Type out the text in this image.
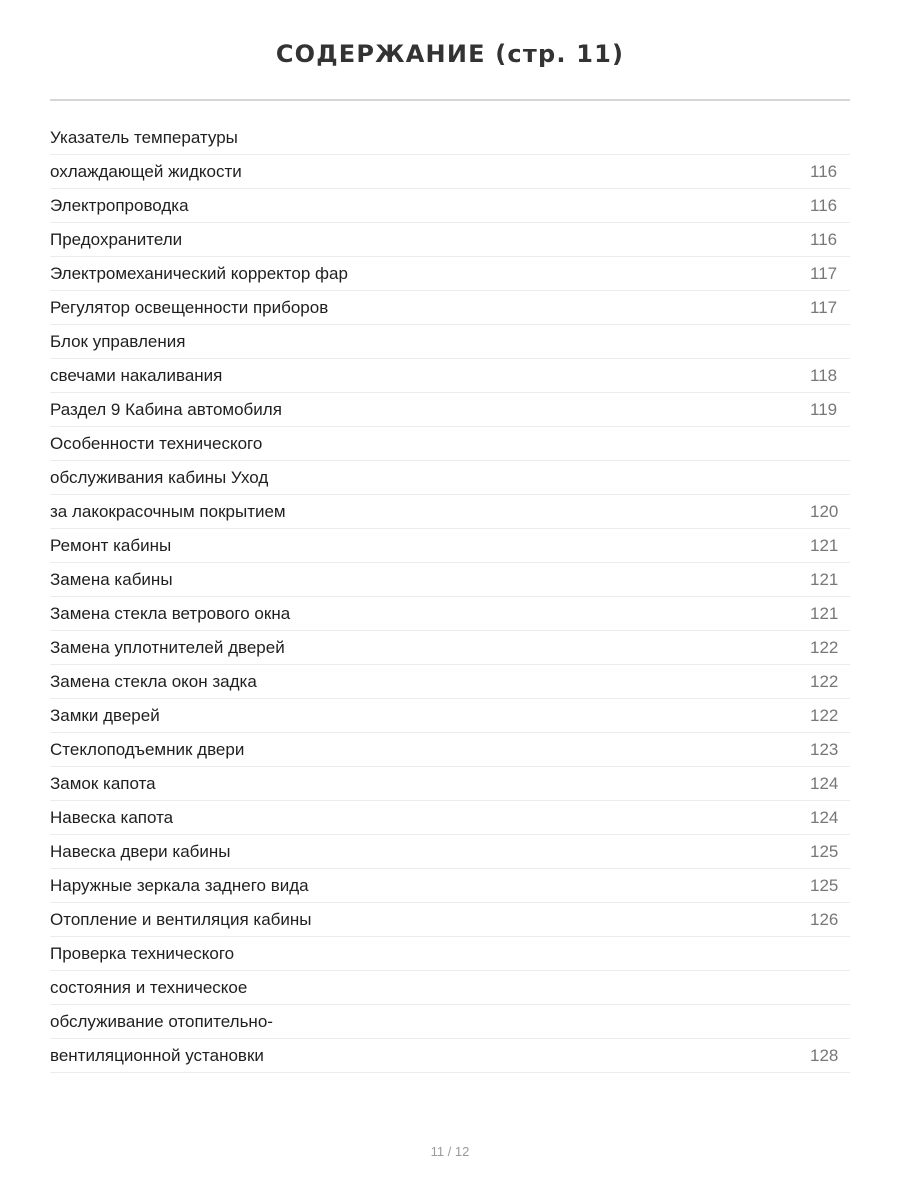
СОДЕРЖАНИЕ (стр. 11)
Указатель температуры
охлаждающей жидкости	116
Электропроводка	116
Предохранители	116
Электромеханический корректор фар	117
Регулятор освещенности приборов	117
Блок управления
свечами накаливания	118
Раздел 9 Кабина автомобиля	119
Особенности технического
обслуживания кабины Уход
за лакокрасочным покрытием	120
Ремонт кабины	121
Замена кабины	121
Замена стекла ветрового окна	121
Замена уплотнителей дверей	122
Замена стекла окон задка	122
Замки дверей	122
Стеклоподъемник двери	123
Замок капота	124
Навеска капота	124
Навеска двери кабины	125
Наружные зеркала заднего вида	125
Отопление и вентиляция кабины	126
Проверка технического
состояния и техническое
обслуживание отопительно-
вентиляционной установки	128
11 / 12
